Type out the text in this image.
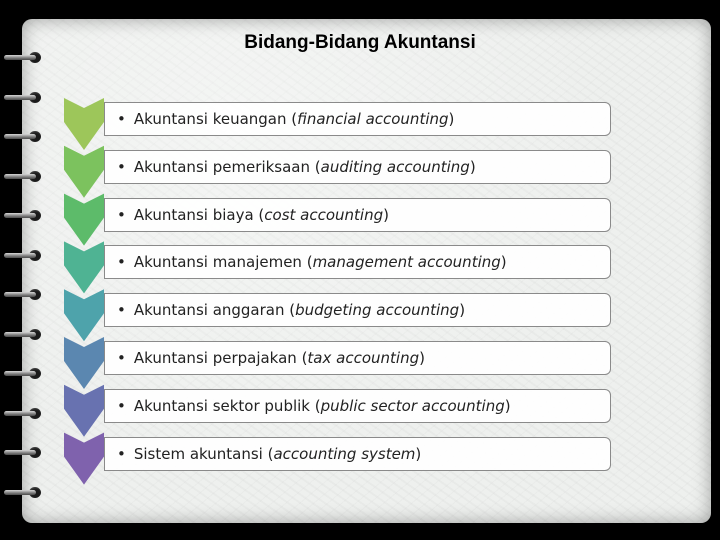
Bidang-Bidang Akuntansi
• Akuntansi keuangan ( financial accounting )
• Akuntansi pemeriksaan ( auditing accounting )
• Akuntansi biaya ( cost accounting )
• Akuntansi manajemen ( management accounting )
• Akuntansi anggaran ( budgeting accounting )
• Akuntansi perpajakan ( tax accounting )
• Akuntansi sektor publik ( public sector accounting )
• Sistem akuntansi ( accounting system )
